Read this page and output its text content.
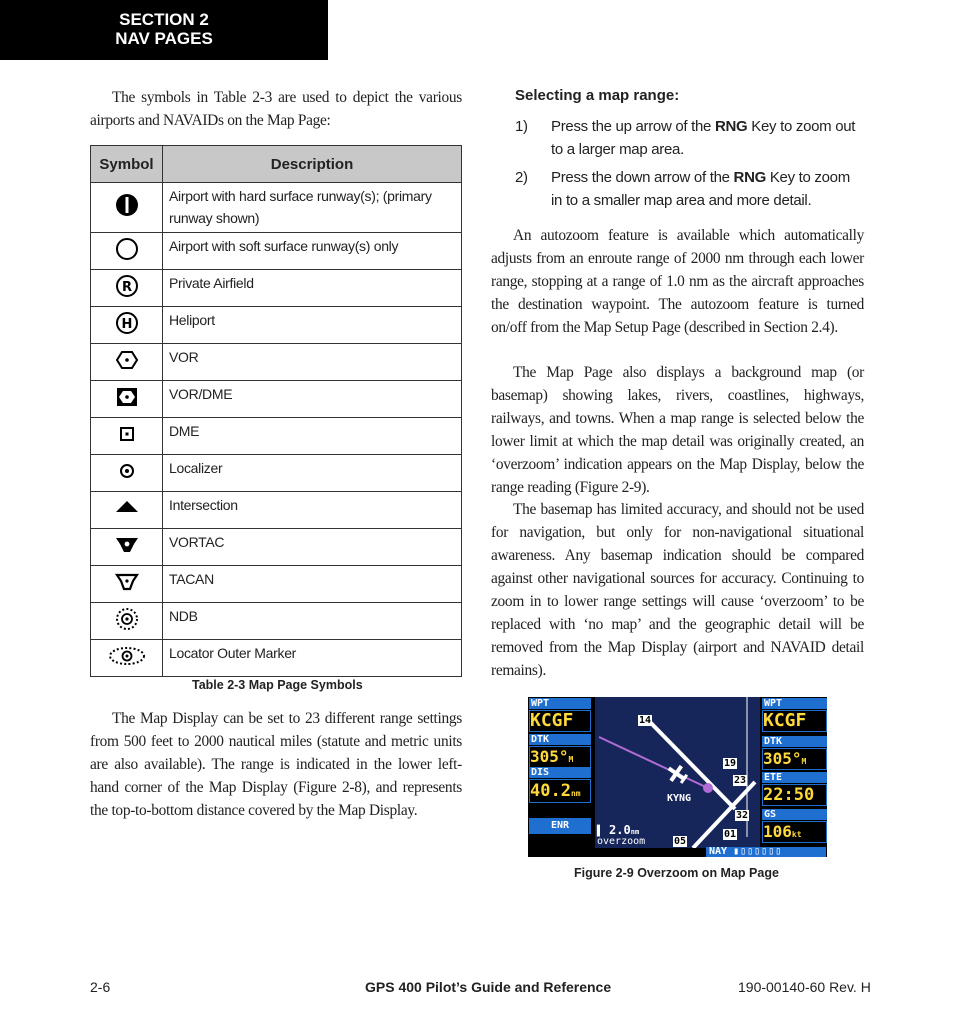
SECTION 2
NAV PAGES
The symbols in Table 2-3 are used to depict the various airports and NAVAIDs on the Map Page:
Symbol	Description
	Airport with hard surface runway(s); (primary runway shown)
	Airport with soft surface runway(s) only

R	Private Airfield

H	Heliport
	VOR
	VOR/DME
	DME
	Localizer
	Intersection
	VORTAC
	TACAN
	NDB
	Locator Outer Marker
Table 2-3 Map Page Symbols
The Map Display can be set to 23 different range settings from 500 feet to 2000 nautical miles (statute and metric units are also available). The range is indicated in the lower left-hand corner of the Map Display (Figure 2-8), and represents the top-to-bottom distance covered by the Map Display.
Selecting a map range:
1) Press the up arrow of the RNG Key to zoom out to a larger map area.
2) Press the down arrow of the RNG Key to zoom in to a smaller map area and more detail.
An autozoom feature is available which automatically adjusts from an enroute range of 2000 nm through each lower range, stopping at a range of 1.0 nm as the aircraft approaches the destination waypoint. The autozoom feature is turned on/off from the Map Setup Page (described in Section 2.4).
The Map Page also displays a background map (or basemap) showing lakes, rivers, coastlines, highways, railways, and towns. When a map range is selected below the lower limit at which the map detail was originally created, an ‘overzoom’ indication appears on the Map Display, below the range reading (Figure 2-9).
The basemap has limited accuracy, and should not be used for navigation, but only for non-navigational situational awareness. Any basemap indication should be compared against other navigational sources for accuracy. Continuing to zoom in to lower range settings will cause ‘overzoom’ to be replaced with ‘no map’ and the geographic detail will be removed from the Map Display (airport and NAVAID detail remains).
WPT
KCGF
DTK
305°M
DIS
40.2nm
ENR
14
19
23
32
01
05
KYNG
▌ 2.0nm
overzoom
NAY ▮▯▯▯▯▯▯
WPT
KCGF
DTK
305°M
ETE
22:50
GS
106kt
Figure 2-9 Overzoom on Map Page
2-6	GPS 400 Pilot’s Guide and Reference	190-00140-60 Rev. H
